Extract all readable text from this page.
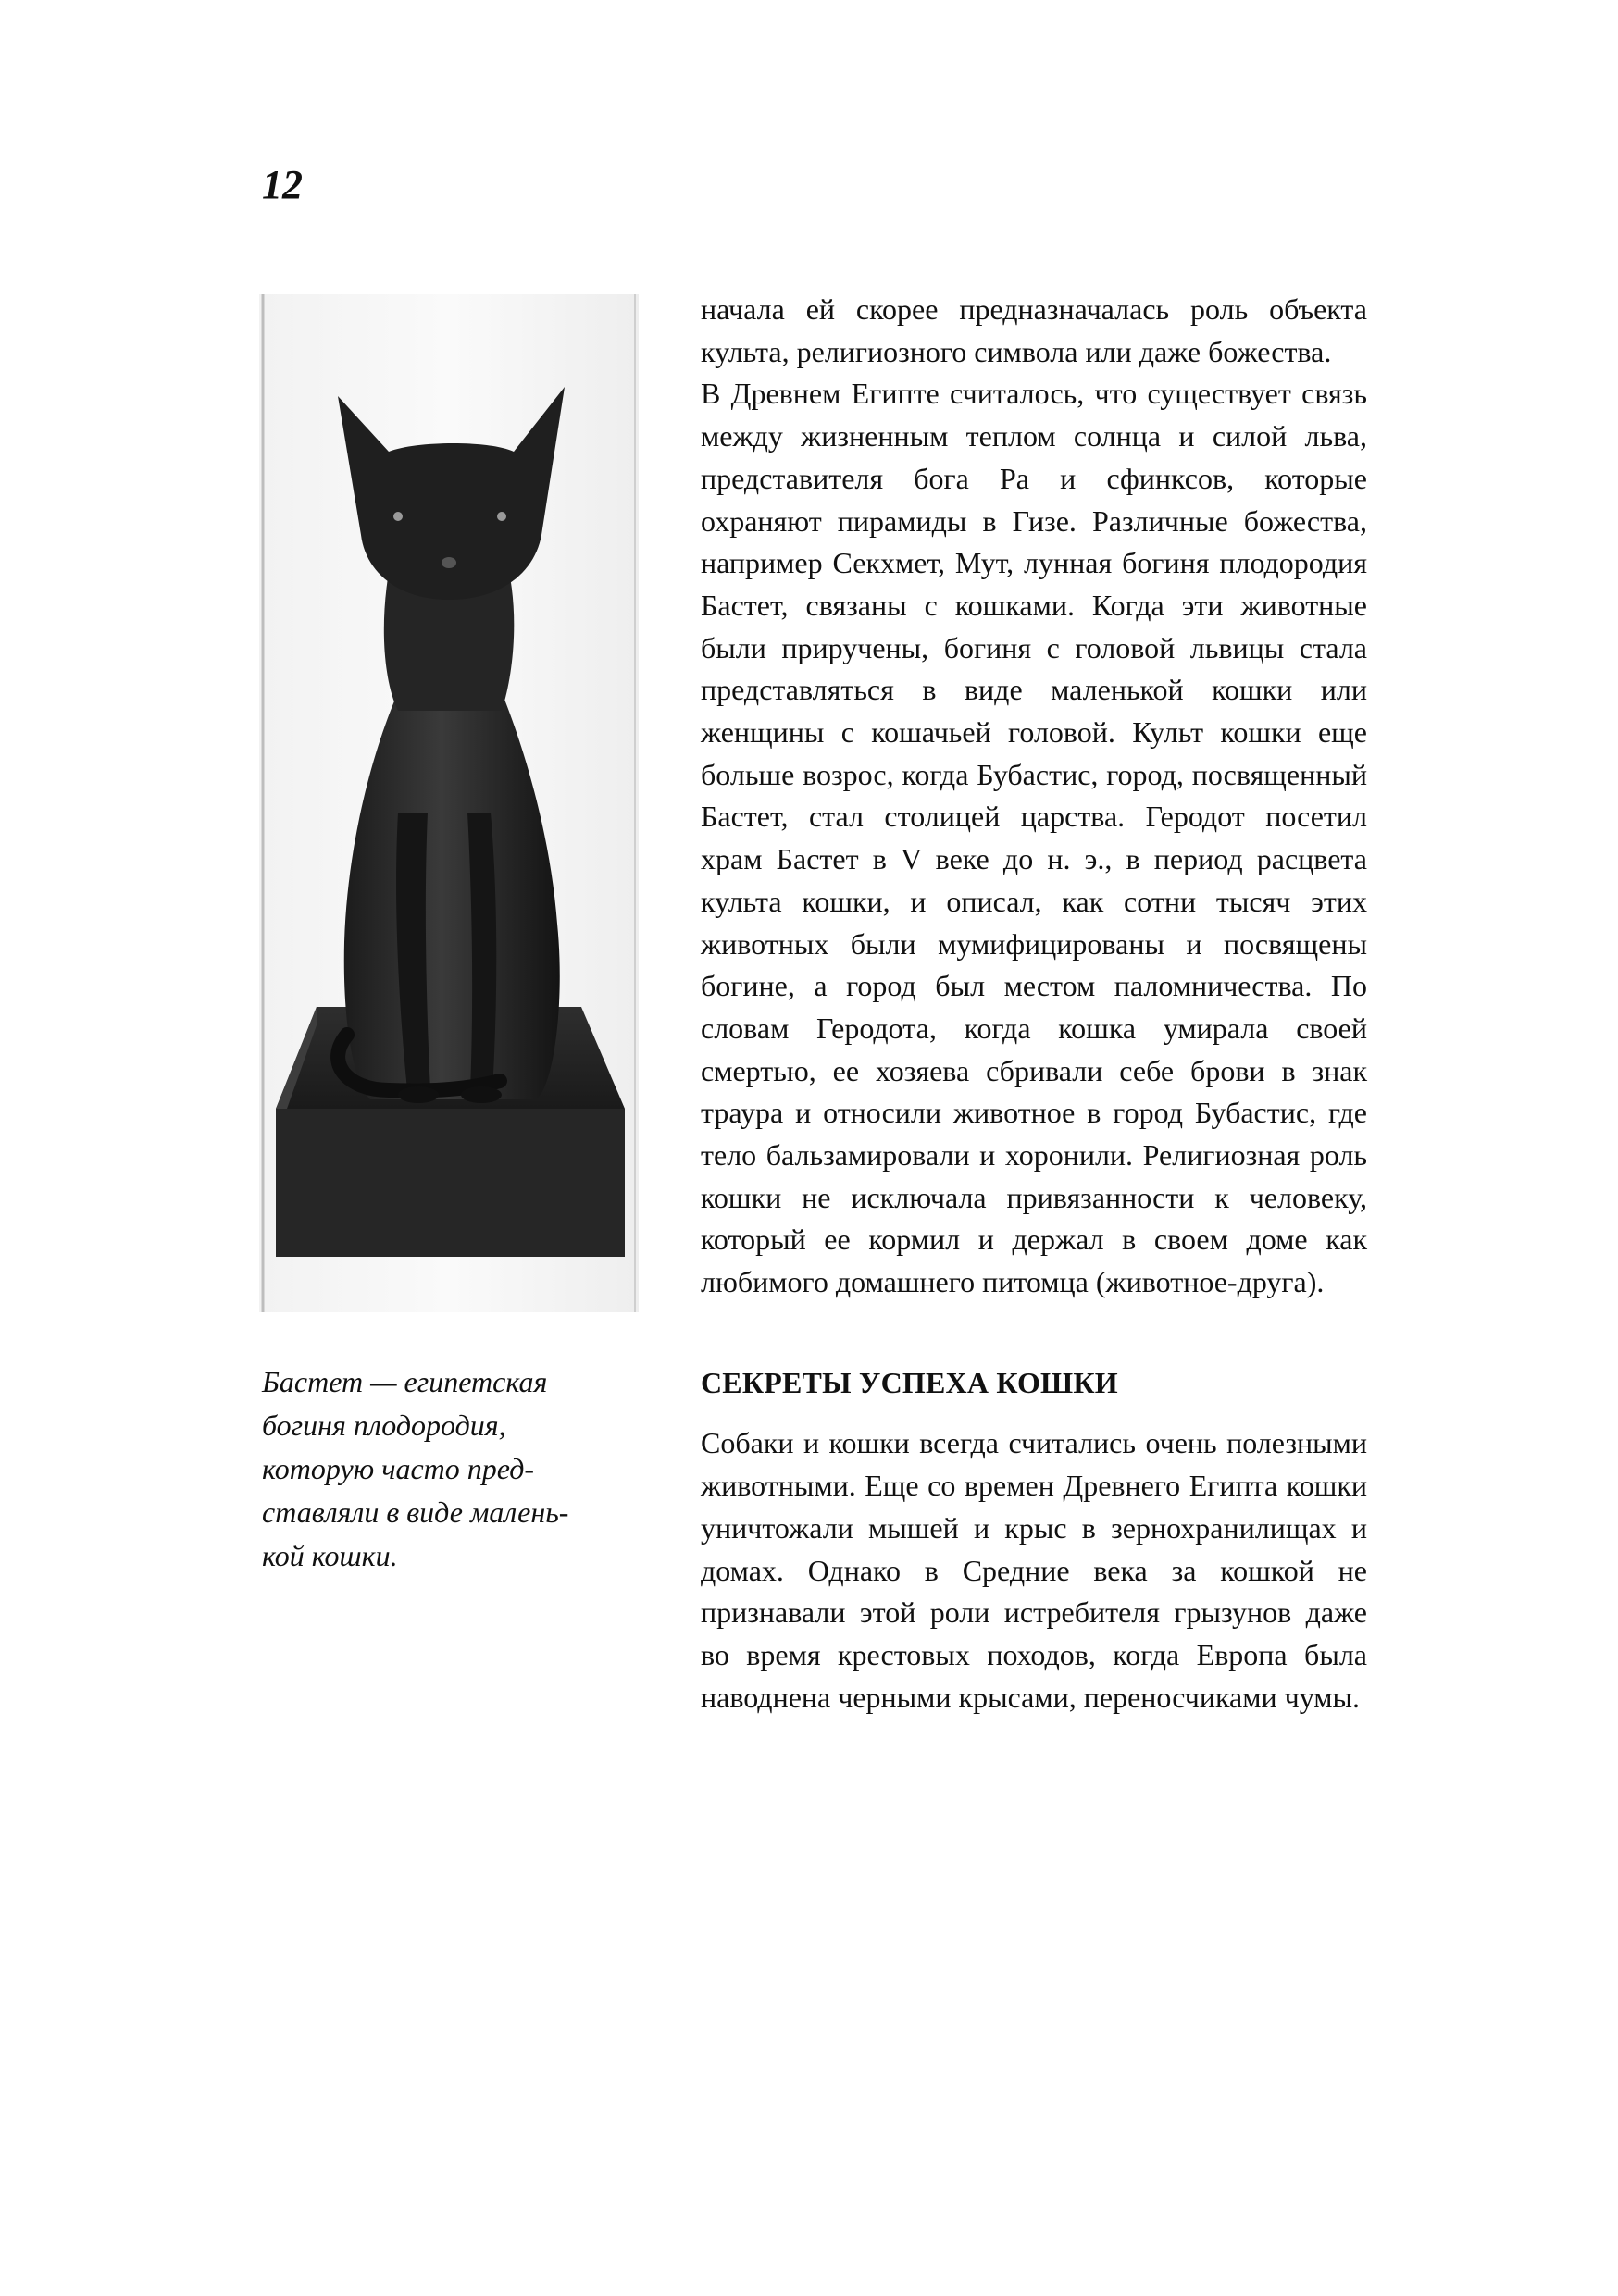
12
Бастет — египетская
богиня плодородия,
которую часто пред-
ставляли в виде малень-
кой кошки.

начала ей скорее предназначалась роль объекта культа, религиозного символа или даже божества.

В Древнем Египте считалось, что существует связь между жизненным теплом солнца и силой льва, представителя бога Ра и сфинксов, которые охраняют пирамиды в Гизе. Различные божества, например Секхмет, Мут, лунная богиня плодородия Бастет, связаны с кошками. Когда эти животные были приручены, богиня с головой львицы стала представляться в виде маленькой кошки или женщины с кошачьей головой. Культ кошки еще больше возрос, когда Бубастис, город, посвященный Бастет, стал столицей царства. Геродот посетил храм Бастет в V веке до н. э., в период расцвета культа кошки, и описал, как сотни тысяч этих животных были мумифицированы и посвящены богине, а город был местом паломничества. По словам Геродота, когда кошка умирала своей смертью, ее хозяева сбривали себе брови в знак траура и относили животное в город Бубастис, где тело бальзамировали и хоронили. Религиозная роль кошки не исключала привязанности к человеку, который ее кормил и держал в своем доме как любимого домашнего питомца (животное-друга).

СЕКРЕТЫ УСПЕХА КОШКИ

Собаки и кошки всегда считались очень полезными животными. Еще со времен Древнего Египта кошки уничтожали мышей и крыс в зернохранилищах и домах. Однако в Средние века за кошкой не признавали этой роли истребителя грызунов даже во время крестовых походов, когда Европа была наводнена черными крысами, переносчиками чумы.
